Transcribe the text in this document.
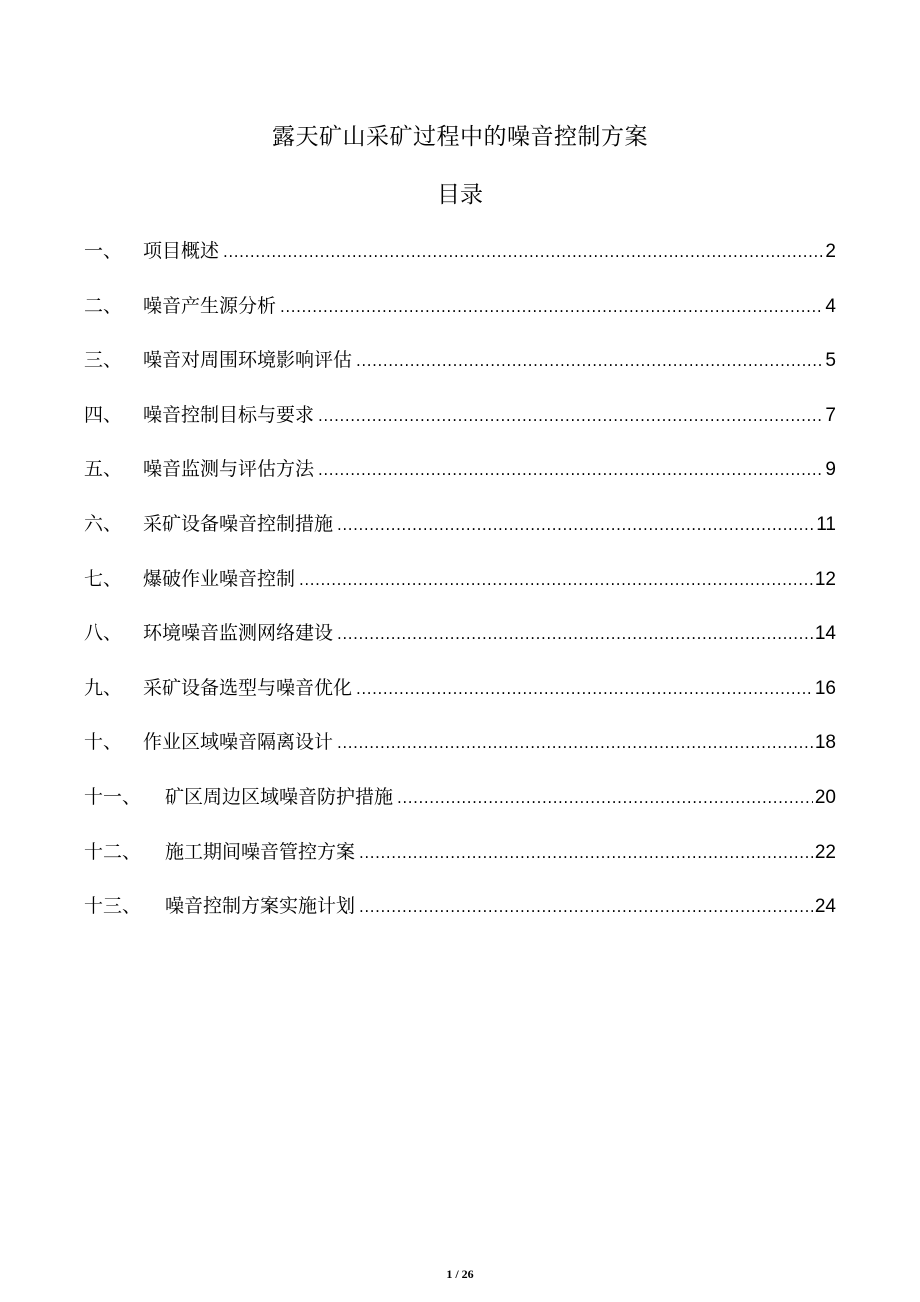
露天矿山采矿过程中的噪音控制方案
目录
一、	项目概述 .....	2
二、	噪音产生源分析 .....	4
三、	噪音对周围环境影响评估 .....	5
四、	噪音控制目标与要求 .....	7
五、	噪音监测与评估方法 .....	9
六、	采矿设备噪音控制措施 .....	11
七、	爆破作业噪音控制 .....	12
八、	环境噪音监测网络建设 .....	14
九、	采矿设备选型与噪音优化 .....	16
十、	作业区域噪音隔离设计 .....	18
十一、	矿区周边区域噪音防护措施 .....	20
十二、	施工期间噪音管控方案 .....	22
十三、	噪音控制方案实施计划 .....	24
1 / 26
